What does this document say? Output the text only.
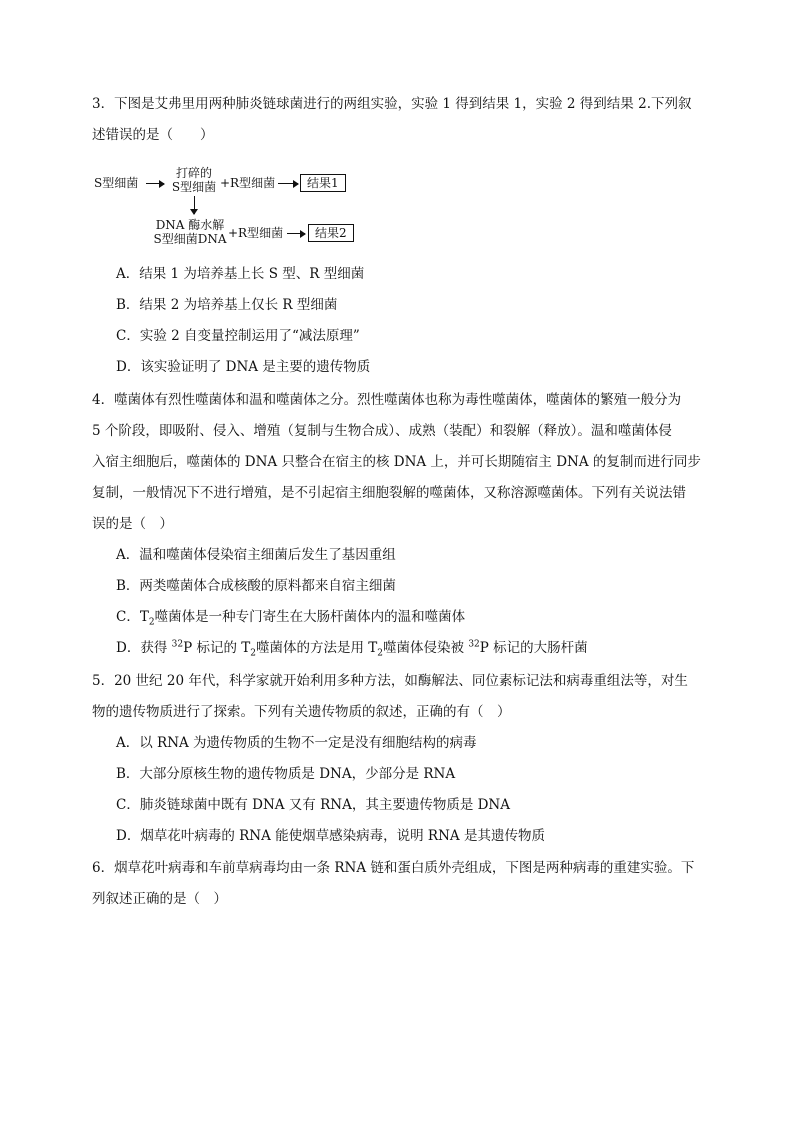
3．下图是艾弗里用两种肺炎链球菌进行的两组实验，实验 1 得到结果 1，实验 2 得到结果 2.下列叙
述错误的是（　　）

S型细菌
打碎的
S型细菌 +R型细菌	结果1
DNA 酶水解
S型细菌DNA +R型细菌	结果2

A．结果 1 为培养基上长 S 型、R 型细菌

B．结果 2 为培养基上仅长 R 型细菌

C．实验 2 自变量控制运用了“减法原理”

D．该实验证明了 DNA 是主要的遗传物质

4．噬菌体有烈性噬菌体和温和噬菌体之分。烈性噬菌体也称为毒性噬菌体，噬菌体的繁殖一般分为
5 个阶段，即吸附、侵入、增殖（复制与生物合成）、成熟（装配）和裂解（释放）。温和噬菌体侵
入宿主细胞后，噬菌体的 DNA 只整合在宿主的核 DNA 上，并可长期随宿主 DNA 的复制而进行同步
复制，一般情况下不进行增殖，是不引起宿主细胞裂解的噬菌体，又称溶源噬菌体。下列有关说法错
误的是（　）

A．温和噬菌体侵染宿主细菌后发生了基因重组

B．两类噬菌体合成核酸的原料都来自宿主细菌

C．$T_2$噬菌体是一种专门寄生在大肠杆菌体内的温和噬菌体

D．获得 $^{32}$P 标记的 $T_2$噬菌体的方法是用 $T_2$噬菌体侵染被 $^{32}$P 标记的大肠杆菌

5．20 世纪 20 年代，科学家就开始利用多种方法，如酶解法、同位素标记法和病毒重组法等，对生
物的遗传物质进行了探索。下列有关遗传物质的叙述，正确的有（　）

A．以 RNA 为遗传物质的生物不一定是没有细胞结构的病毒

B．大部分原核生物的遗传物质是 DNA，少部分是 RNA

C．肺炎链球菌中既有 DNA 又有 RNA，其主要遗传物质是 DNA

D．烟草花叶病毒的 RNA 能使烟草感染病毒，说明 RNA 是其遗传物质

6．烟草花叶病毒和车前草病毒均由一条 RNA 链和蛋白质外壳组成，下图是两种病毒的重建实验。下
列叙述正确的是（　）
